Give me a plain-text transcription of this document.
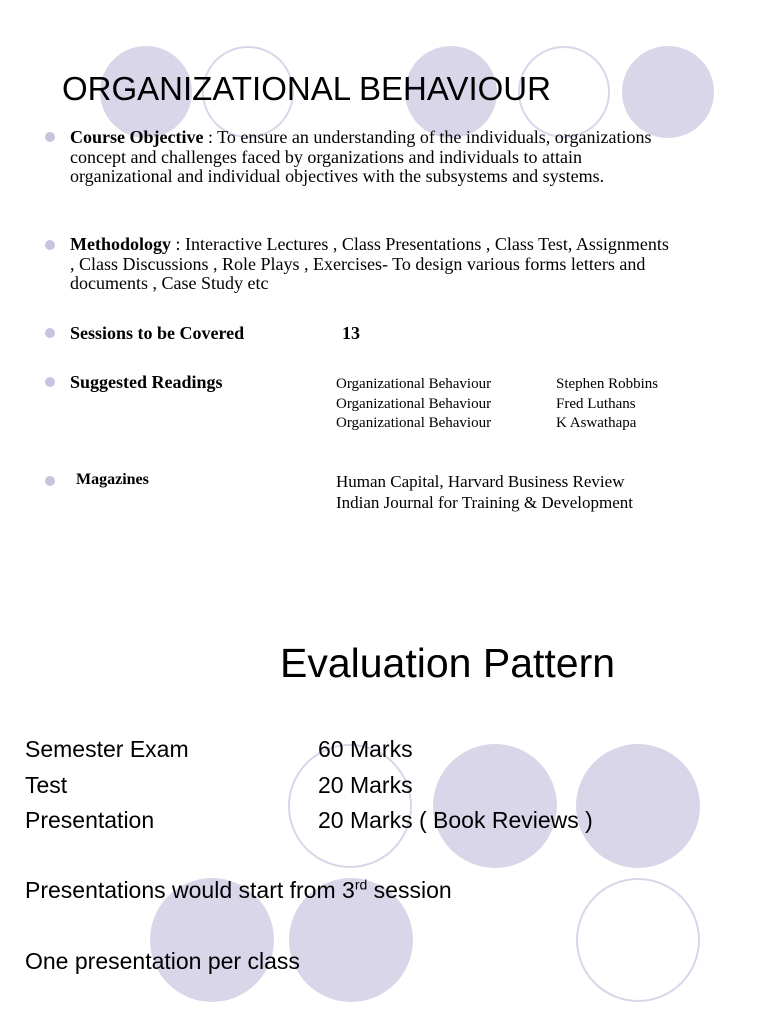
ORGANIZATIONAL BEHAVIOUR

Course Objective : To ensure an understanding of the individuals, organizations concept and challenges faced by organizations and individuals to attain organizational and individual objectives with the subsystems and systems.

Methodology : Interactive Lectures , Class Presentations , Class Test, Assignments , Class Discussions , Role Plays , Exercises- To design various forms letters and documents , Case Study etc

Sessions to be Covered	13
Suggested Readings	Organizational Behaviour	Stephen Robbins
Organizational Behaviour	Fred Luthans
Organizational Behaviour	K Aswathapa
Magazines	Human Capital, Harvard Business Review
Indian Journal for Training & Development
Evaluation Pattern
Semester Exam	60 Marks
Test	20 Marks
Presentation	20 Marks ( Book Reviews )
Presentations would start from 3rd session
One presentation per class
